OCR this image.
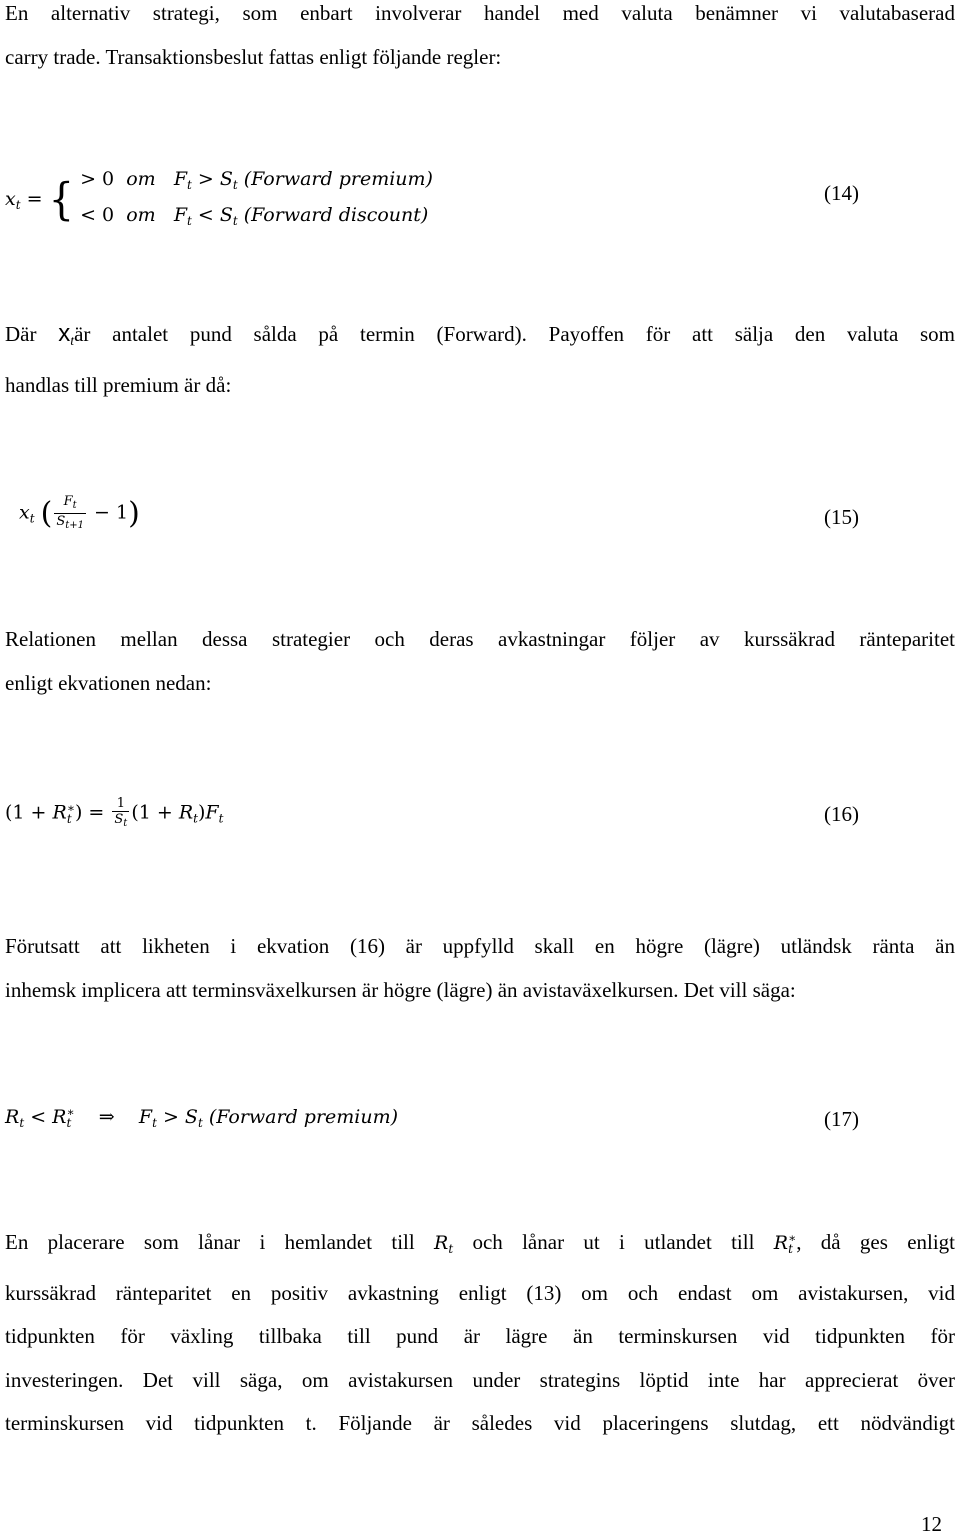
En alternativ strategi, som enbart involverar handel med valuta benämner vi valutabaserad
carry trade. Transaktionsbeslut fattas enligt följande regler:
$x_t$ = { > 0 om $F_t > S_t$ (Forward premium)
< 0 om $F_t < S_t$ (Forward discount)
(14)
Där $x_tär$ antalet pund sålda på termin (Forward). Payoffen för att sälja den valuta som
handlas till premium är då:
$x_t$ ( $\frac{F_t}{S_{t+1}} - 1$)	(15)
Relationen mellan dessa strategier och deras avkastningar följer av kurssäkrad ränteparitet
enligt ekvationen nedan:
(1 + R ∗
t ) = $\frac{1}{S_t} (1 + R_t)F_t$	(16)
Förutsatt att likheten i ekvation (16) är uppfylld skall en högre (lägre) utländsk ränta än
inhemsk implicera att terminsväxelkursen är högre (lägre) än avistaväxelkursen. Det vill säga:
$R_t < R$ ∗
t ⇒ $F_t > S_t$ (Forward premium)	(17)
En placerare som lånar i hemlandet till $R_t$ och lånar ut i utlandet till R ∗
t , då ges enligt
kurssäkrad ränteparitet en positiv avkastning enligt (13) om och endast om avistakursen, vid
tidpunkten för växling tillbaka till pund är lägre än terminskursen vid tidpunkten för
investeringen. Det vill säga, om avistakursen under strategins löptid inte har apprecierat över
terminskursen vid tidpunkten t. Följande är således vid placeringens slutdag, ett nödvändigt
12
